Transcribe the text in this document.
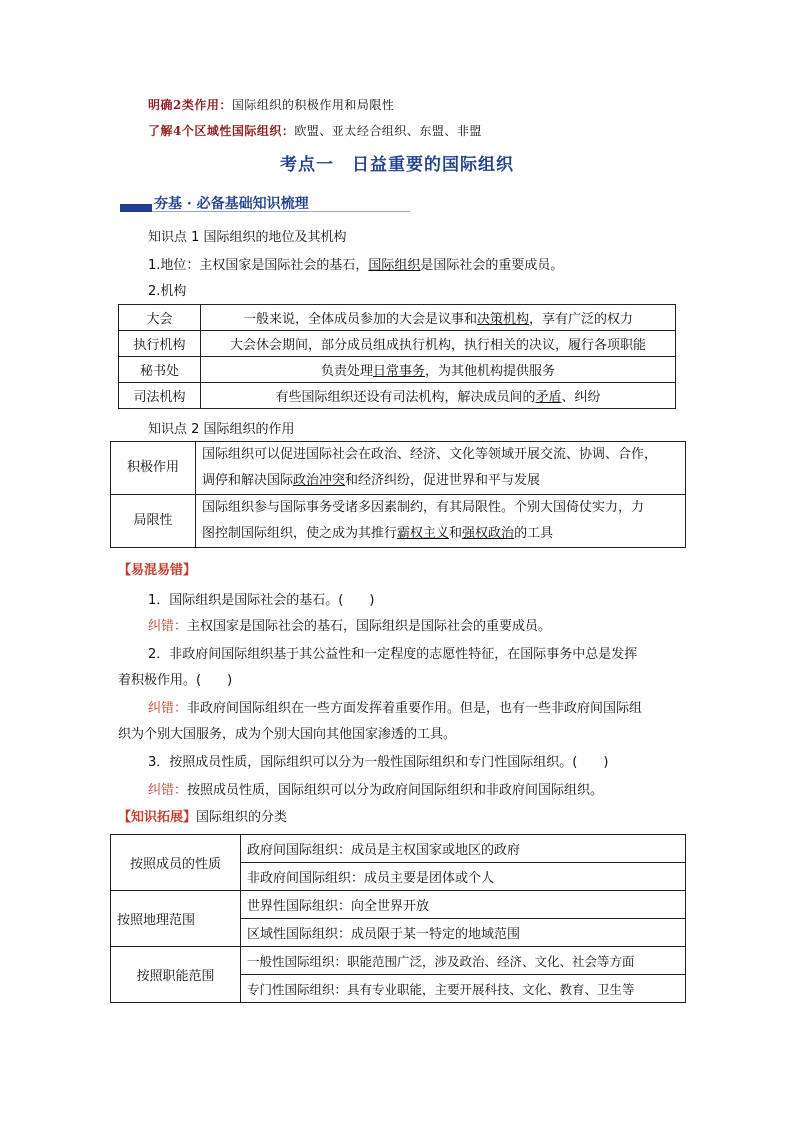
明确2类作用：国际组织的积极作用和局限性
了解4个区域性国际组织：欧盟、亚太经合组织、东盟、非盟
考点一　日益重要的国际组织
夯基 · 必备基础知识梳理
知识点 1 国际组织的地位及其机构
1.地位：主权国家是国际社会的基石，国际组织是国际社会的重要成员。
2.机构
大会	一般来说，全体成员参加的大会是议事和决策机构，享有广泛的权力
执行机构	大会休会期间，部分成员组成执行机构，执行相关的决议，履行各项职能
秘书处	负责处理日常事务，为其他机构提供服务
司法机构	有些国际组织还设有司法机构，解决成员间的矛盾、纠纷
知识点 2 国际组织的作用
积极作用	国际组织可以促进国际社会在政治、经济、文化等领域开展交流、协调、合作，
调停和解决国际政治冲突和经济纠纷，促进世界和平与发展

局限性	国际组织参与国际事务受诸多因素制约，有其局限性。个别大国倚仗实力，力
图控制国际组织，使之成为其推行霸权主义和强权政治的工具
【易混易错】
1．国际组织是国际社会的基石。(　　)
纠错：主权国家是国际社会的基石，国际组织是国际社会的重要成员。
2．非政府间国际组织基于其公益性和一定程度的志愿性特征，在国际事务中总是发挥
着积极作用。(　　)
纠错：非政府间国际组织在一些方面发挥着重要作用。但是，也有一些非政府间国际组
织为个别大国服务，成为个别大国向其他国家渗透的工具。
3．按照成员性质，国际组织可以分为一般性国际组织和专门性国际组织。(　　)
纠错：按照成员性质，国际组织可以分为政府间国际组织和非政府间国际组织。
【知识拓展】国际组织的分类
按照成员的性质	政府间国际组织：成员是主权国家或地区的政府
	非政府间国际组织：成员主要是团体或个人
按照地理范围	世界性国际组织：向全世界开放
	区域性国际组织：成员限于某一特定的地域范围
按照职能范围	一般性国际组织：职能范围广泛，涉及政治、经济、文化、社会等方面
	专门性国际组织：具有专业职能，主要开展科技、文化、教育、卫生等
